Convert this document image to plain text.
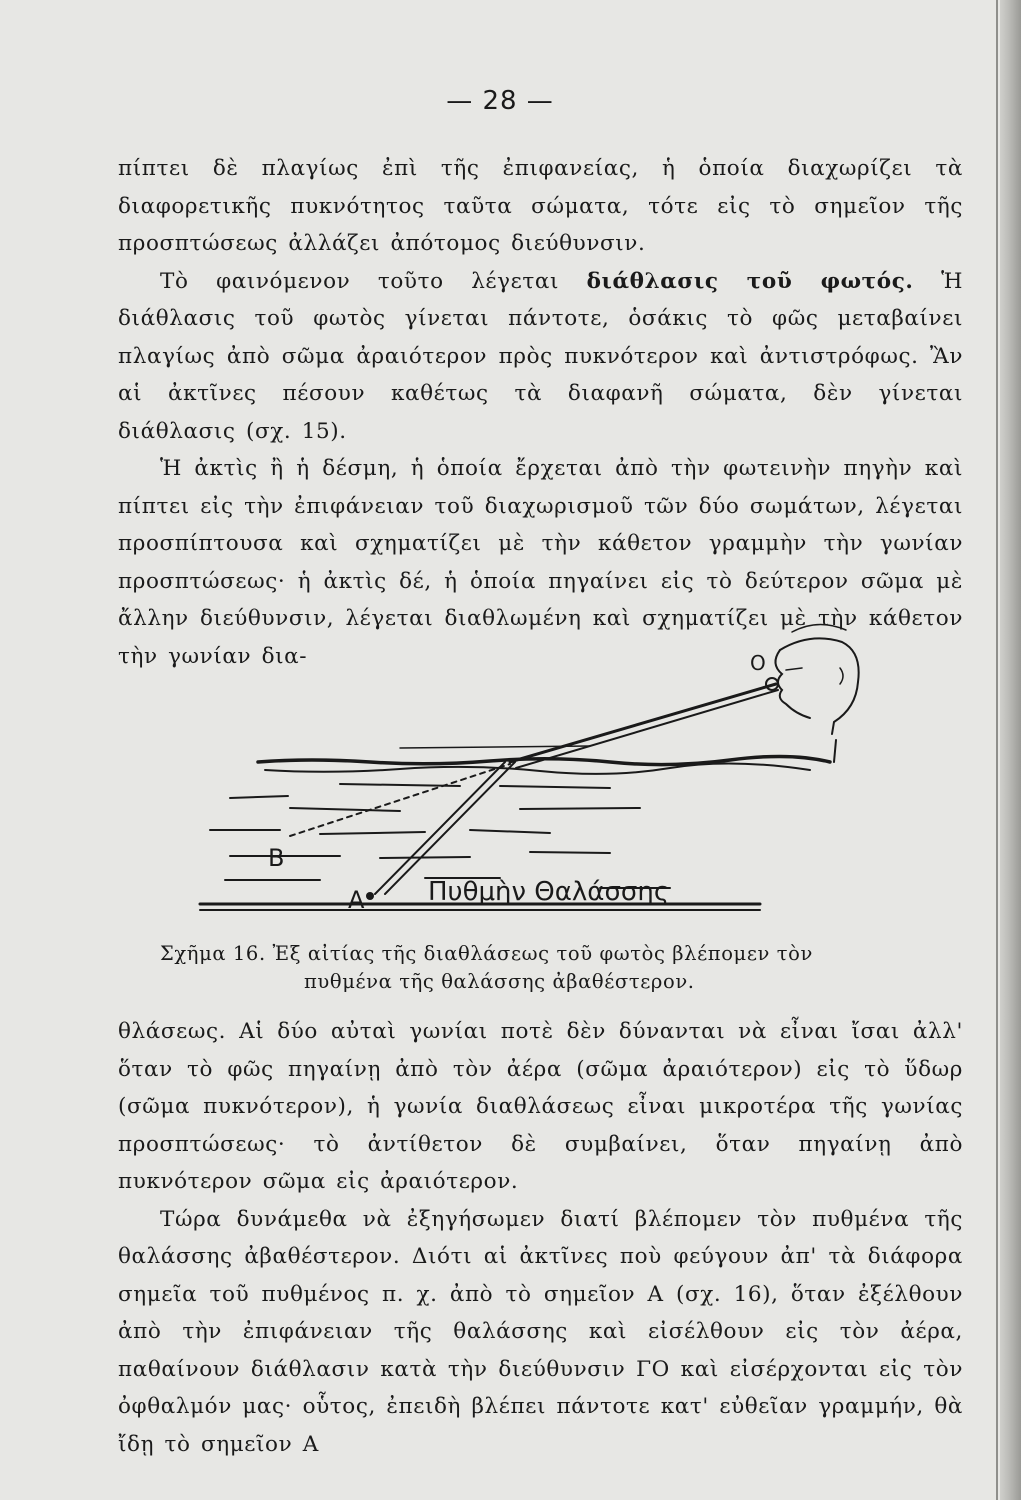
— 28 —

πίπτει δὲ πλαγίως ἐπὶ τῆς ἐπιφανείας, ἡ ὁποία διαχωρίζει τὰ διαφορετικῆς πυκνότητος ταῦτα σώματα, τότε εἰς τὸ σημεῖον τῆς προσπτώσεως ἀλλάζει ἀπότομος διεύθυνσιν.

Τὸ φαινόμενον τοῦτο λέγεται διάθλασις τοῦ φωτός. Ἡ διάθλασις τοῦ φωτὸς γίνεται πάντοτε, ὁσάκις τὸ φῶς μεταβαίνει πλαγίως ἀπὸ σῶμα ἀραιότερον πρὸς πυκνότερον καὶ ἀντιστρόφως. Ἂν αἱ ἀκτῖνες πέσουν καθέτως τὰ διαφανῆ σώματα, δὲν γίνεται διάθλασις (σχ. 15).

Ἡ ἀκτὶς ἢ ἡ δέσμη, ἡ ὁποία ἔρχεται ἀπὸ τὴν φωτεινὴν πηγὴν καὶ πίπτει εἰς τὴν ἐπιφάνειαν τοῦ διαχωρισμοῦ τῶν δύο σωμάτων, λέγεται προσπίπτουσα καὶ σχηματίζει μὲ τὴν κάθετον γραμμὴν τὴν γωνίαν προσπτώσεως· ἡ ἀκτὶς δέ, ἡ ὁποία πηγαίνει εἰς τὸ δεύτερον σῶμα μὲ ἄλλην διεύθυνσιν, λέγεται διαθλωμένη καὶ σχηματίζει μὲ τὴν κάθετον τὴν γωνίαν δια-	O
B
A Πυθμὴν Θαλάσσης
Σχῆμα 16. Ἐξ αἰτίας τῆς διαθλάσεως τοῦ φωτὸς βλέπομεν τὸν
πυθμένα τῆς θαλάσσης ἀβαθέστερον.

θλάσεως. Αἱ δύο αὐταὶ γωνίαι ποτὲ δὲν δύνανται νὰ εἶναι ἴσαι ἀλλ' ὅταν τὸ φῶς πηγαίνῃ ἀπὸ τὸν ἀέρα (σῶμα ἀραιότερον) εἰς τὸ ὕδωρ (σῶμα πυκνότερον), ἡ γωνία διαθλάσεως εἶναι μικροτέρα τῆς γωνίας προσπτώσεως· τὸ ἀντίθετον δὲ συμβαίνει, ὅταν πηγαίνῃ ἀπὸ πυκνότερον σῶμα εἰς ἀραιότερον.

Τώρα δυνάμεθα νὰ ἐξηγήσωμεν διατί βλέπομεν τὸν πυθμένα τῆς θαλάσσης ἀβαθέστερον. Διότι αἱ ἀκτῖνες ποὺ φεύγουν ἀπ' τὰ διάφορα σημεῖα τοῦ πυθμένος π. χ. ἀπὸ τὸ σημεῖον Α (σχ. 16), ὅταν ἐξέλθουν ἀπὸ τὴν ἐπιφάνειαν τῆς θαλάσσης καὶ εἰσέλθουν εἰς τὸν ἀέρα, παθαίνουν διάθλασιν κατὰ τὴν διεύθυνσιν ΓΟ καὶ εἰσέρχονται εἰς τὸν ὀφθαλμόν μας· οὗτος, ἐπειδὴ βλέπει πάντοτε κατ' εὐθεῖαν γραμμήν, θὰ ἴδῃ τὸ σημεῖον Α
